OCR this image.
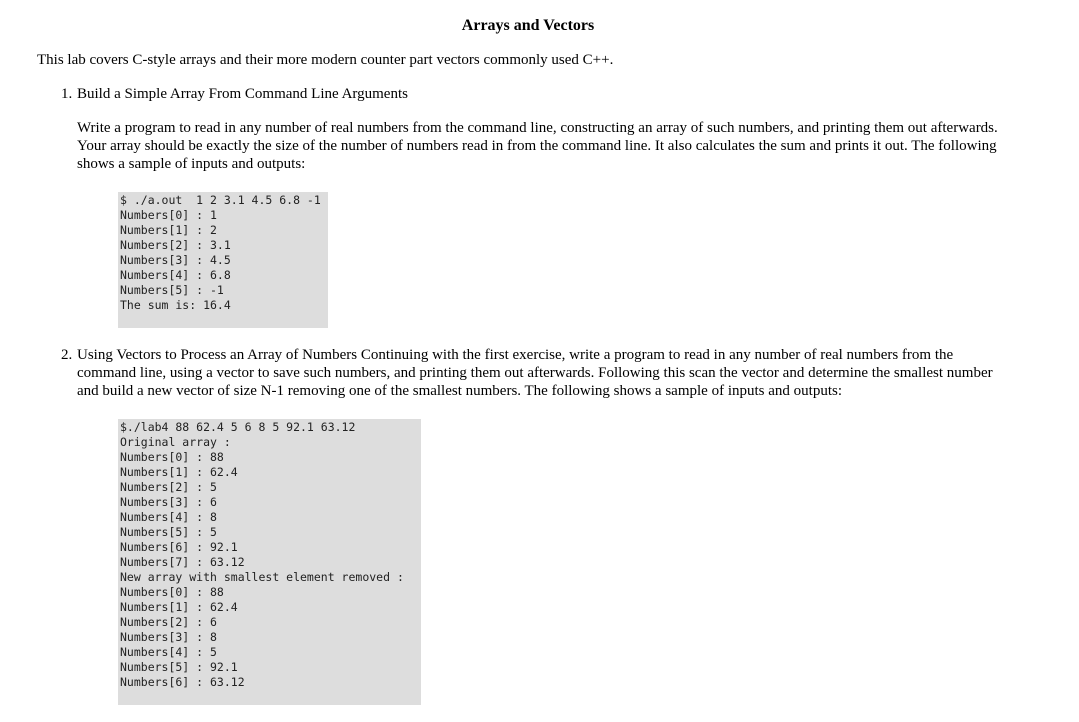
Arrays and Vectors

This lab covers C-style arrays and their more modern counter part vectors commonly used C++.

1. Build a Simple Array From Command Line Arguments

Write a program to read in any number of real numbers from the command line, constructing an array of such numbers, and printing them out afterwards. Your array should be exactly the size of the number of numbers read in from the command line. It also calculates the sum and prints it out. The following shows a sample of inputs and outputs:

$ ./a.out  1 2 3.1 4.5 6.8 -1
Numbers[0] : 1
Numbers[1] : 2
Numbers[2] : 3.1
Numbers[3] : 4.5
Numbers[4] : 6.8
Numbers[5] : -1
The sum is: 16.4
2. Using Vectors to Process an Array of Numbers Continuing with the first exercise, write a program to read in any number of real numbers from the command line, using a vector to save such numbers, and printing them out afterwards. Following this scan the vector and determine the smallest number and build a new vector of size N-1 removing one of the smallest numbers. The following shows a sample of inputs and outputs:
$./lab4 88 62.4 5 6 8 5 92.1 63.12
Original array :
Numbers[0] : 88
Numbers[1] : 62.4
Numbers[2] : 5
Numbers[3] : 6
Numbers[4] : 8
Numbers[5] : 5
Numbers[6] : 92.1
Numbers[7] : 63.12
New array with smallest element removed :
Numbers[0] : 88
Numbers[1] : 62.4
Numbers[2] : 6
Numbers[3] : 8
Numbers[4] : 5
Numbers[5] : 92.1
Numbers[6] : 63.12
